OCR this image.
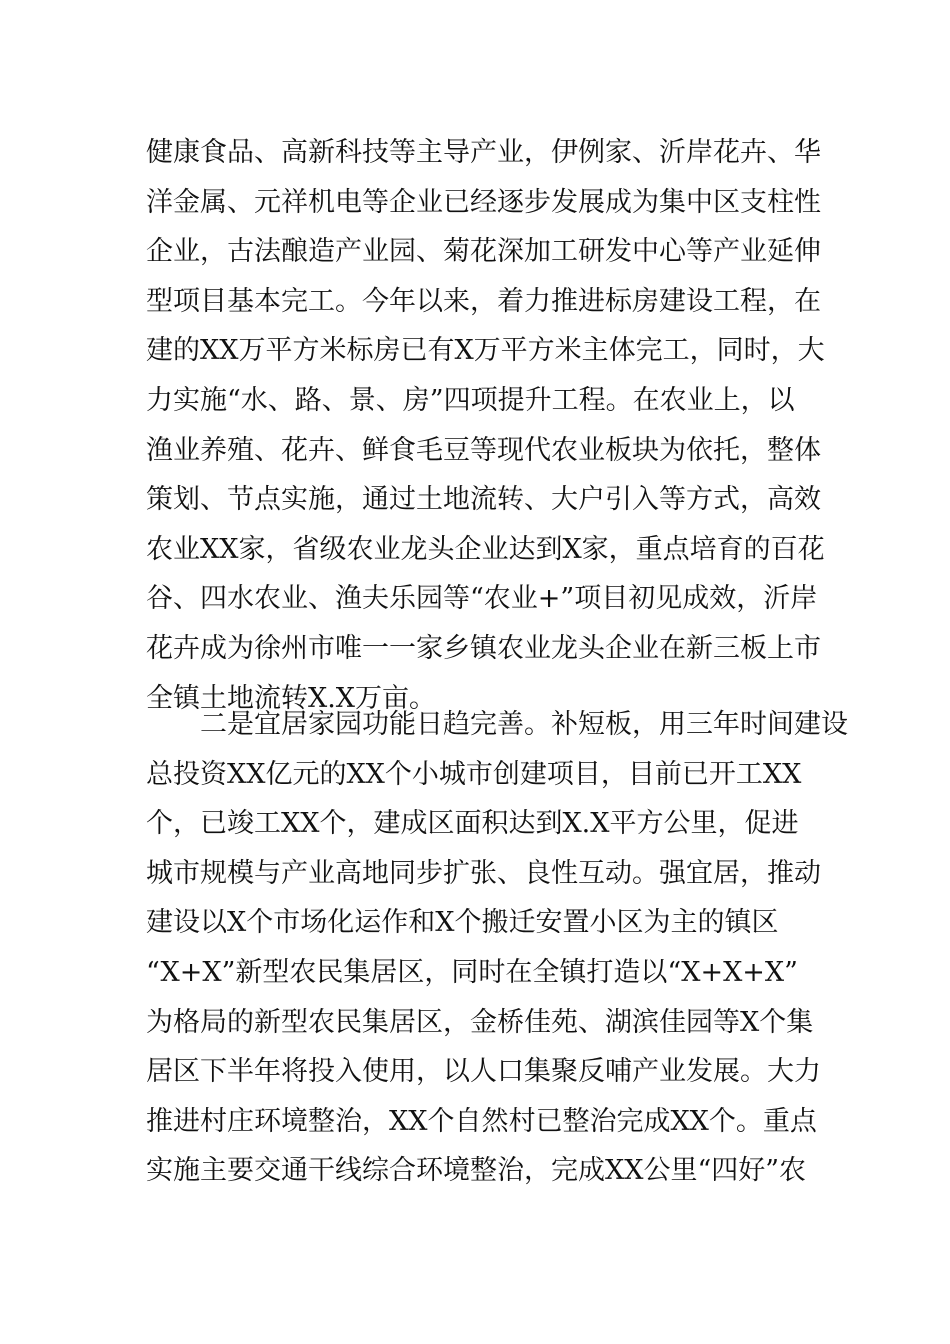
健康食品、高新科技等主导产业，伊例家、沂岸花卉、华
洋金属、元祥机电等企业已经逐步发展成为集中区支柱性
企业，古法酿造产业园、菊花深加工研发中心等产业延伸
型项目基本完工。今年以来，着力推进标房建设工程，在
建的XX万平方米标房已有X万平方米主体完工，同时，大
力实施“水、路、景、房”四项提升工程。在农业上，以
渔业养殖、花卉、鲜食毛豆等现代农业板块为依托，整体
策划、节点实施，通过土地流转、大户引入等方式，高效
农业XX家，省级农业龙头企业达到X家，重点培育的百花
谷、四水农业、渔夫乐园等“农业+”项目初见成效，沂岸
花卉成为徐州市唯一一家乡镇农业龙头企业在新三板上市
全镇土地流转X.X万亩。
　　二是宜居家园功能日趋完善。补短板，用三年时间建设
总投资XX亿元的XX个小城市创建项目，目前已开工XX
个，已竣工XX个，建成区面积达到X.X平方公里，促进
城市规模与产业高地同步扩张、良性互动。强宜居，推动
建设以X个市场化运作和X个搬迁安置小区为主的镇区
“X+X”新型农民集居区，同时在全镇打造以“X+X+X”
为格局的新型农民集居区，金桥佳苑、湖滨佳园等X个集
居区下半年将投入使用，以人口集聚反哺产业发展。大力
推进村庄环境整治，XX个自然村已整治完成XX个。重点
实施主要交通干线综合环境整治，完成XX公里“四好”农
